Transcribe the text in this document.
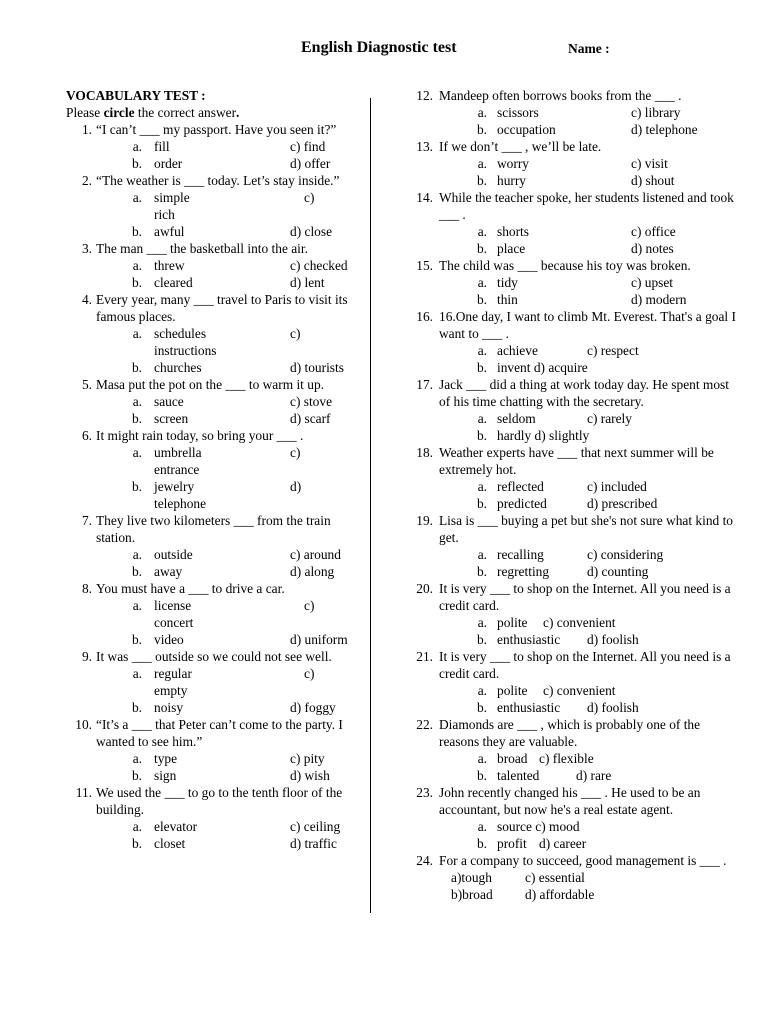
English Diagnostic test	Name :
VOCABULARY TEST :
Please circle the correct answer.
1. “I can’t ___ my passport. Have you seen it?”
a. fill	c) find
b. order	d) offer
2. “The weather is ___ today. Let’s stay inside.”
a. simple	c)
rich
b. awful	d) close
3. The man ___ the basketball into the air.
a. threw	c) checked
b. cleared	d) lent
4. Every year, many ___ travel to Paris to visit its famous places.
a. schedules	c)
instructions
b. churches	d) tourists
5. Masa put the pot on the ___ to warm it up.
a. sauce	c) stove
b. screen	d) scarf
6. It might rain today, so bring your ___ .
a. umbrella	c)
entrance
b. jewelry	d)
telephone
7. They live two kilometers ___ from the train station.
a. outside	c) around
b. away	d) along
8. You must have a ___ to drive a car.
a. license	c)
concert
b. video	d) uniform
9. It was ___ outside so we could not see well.
a. regular	c)
empty
b. noisy	d) foggy
10. “It’s a ___ that Peter can’t come to the party. I wanted to see him.”
a. type	c) pity
b. sign	d) wish
11. We used the ___ to go to the tenth floor of the building.
a. elevator	c) ceiling
b. closet	d) traffic
12. Mandeep often borrows books from the ___ .
a. scissors	c) library
b. occupation	d) telephone
13. If we don’t ___ , we’ll be late.
a. worry	c) visit
b. hurry	d) shout
14. While the teacher spoke, her students listened and took ___ .
a. shorts	c) office
b. place	d) notes
15. The child was ___ because his toy was broken.
a. tidy	c) upset
b. thin	d) modern
16. 16.One day, I want to climb Mt. Everest. That's a goal I want to ___ .
a. achieve	c) respect
b. invent d) acquire
17. Jack ___ did a thing at work today day. He spent most of his time chatting with the secretary.
a. seldom	c) rarely
b. hardly d) slightly
18. Weather experts have ___ that next summer will be extremely hot.
a. reflected	c) included
b. predicted	d) prescribed
19. Lisa is ___ buying a pet but she's not sure what kind to get.
a. recalling	c) considering
b. regretting	d) counting
20. It is very ___ to shop on the Internet. All you need is a credit card.
a. polite	c) convenient
b. enthusiastic	d) foolish
21. It is very ___ to shop on the Internet. All you need is a credit card.
a. polite	c) convenient
b. enthusiastic	d) foolish
22. Diamonds are ___ , which is probably one of the reasons they are valuable.
a. broad c) flexible
b. talented	d) rare
23. John recently changed his ___ . He used to be an accountant, but now he's a real estate agent.
a. source c) mood
b. profit d) career
24. For a company to succeed, good management is ___ .
a)tough c) essential
b)broad d) affordable
